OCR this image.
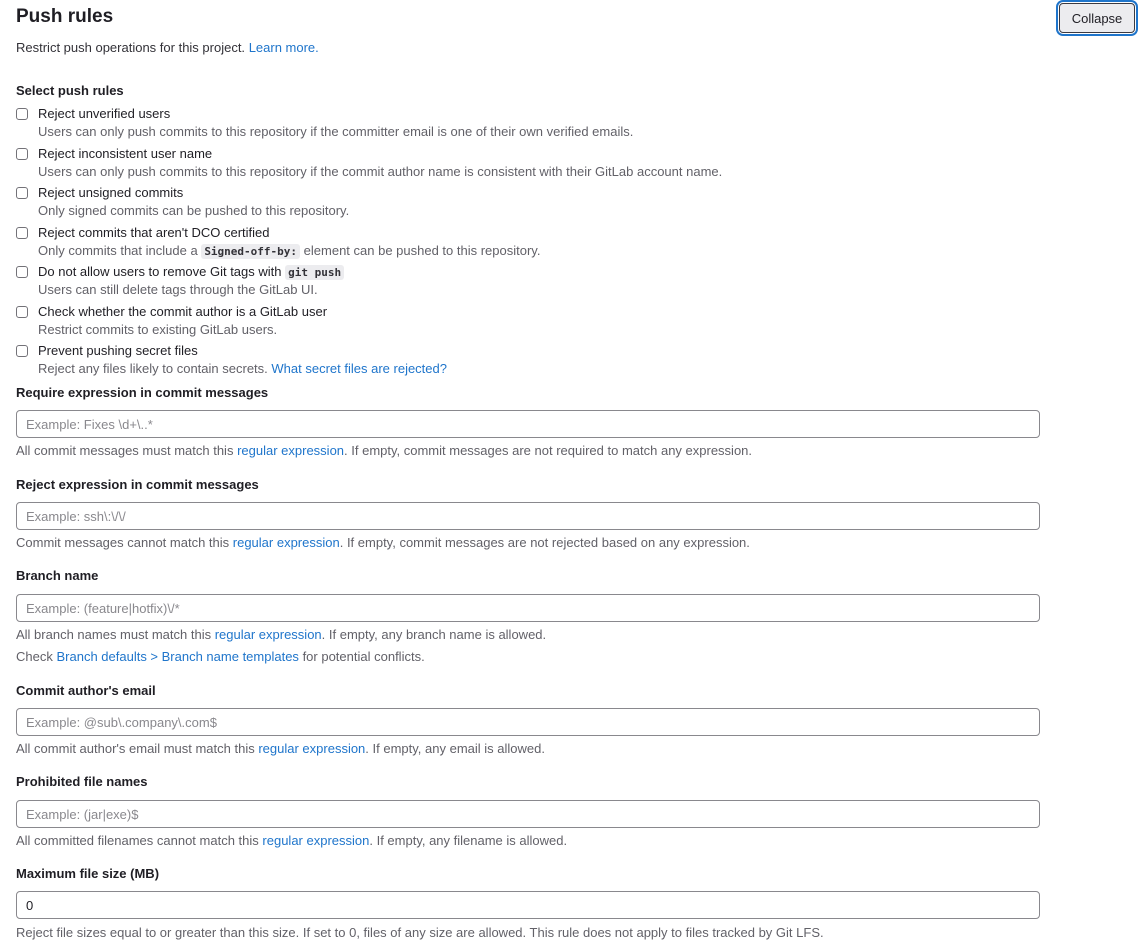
Push rules	Collapse
Restrict push operations for this project. Learn more.
Select push rules
Reject unverified users
Users can only push commits to this repository if the committer email is one of their own verified emails.
Reject inconsistent user name
Users can only push commits to this repository if the commit author name is consistent with their GitLab account name.
Reject unsigned commits
Only signed commits can be pushed to this repository.
Reject commits that aren't DCO certified
Only commits that include a Signed-off-by: element can be pushed to this repository.
Do not allow users to remove Git tags with git push
Users can still delete tags through the GitLab UI.
Check whether the commit author is a GitLab user
Restrict commits to existing GitLab users.
Prevent pushing secret files
Reject any files likely to contain secrets. What secret files are rejected?
Require expression in commit messages
Example: Fixes \d+\..*
All commit messages must match this regular expression. If empty, commit messages are not required to match any expression.
Reject expression in commit messages
Example: ssh\:\/\/
Commit messages cannot match this regular expression. If empty, commit messages are not rejected based on any expression.
Branch name
Example: (feature|hotfix)\/*
All branch names must match this regular expression. If empty, any branch name is allowed.
Check Branch defaults > Branch name templates for potential conflicts.
Commit author's email
Example: @sub\.company\.com$
All commit author's email must match this regular expression. If empty, any email is allowed.
Prohibited file names
Example: (jar|exe)$
All committed filenames cannot match this regular expression. If empty, any filename is allowed.
Maximum file size (MB)
0
Reject file sizes equal to or greater than this size. If set to 0, files of any size are allowed. This rule does not apply to files tracked by Git LFS.
